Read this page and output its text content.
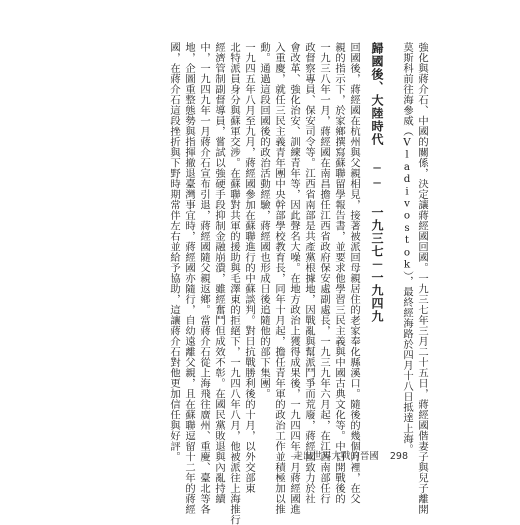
強化與蔣介石、中國的關係，決定讓蔣經國回國。一九三七年三月二十五日，蔣經國偕妻子與兒子離開
莫斯科前往海參威（Vladivostok），最終經海路於四月十八日抵達上海。
歸國後、大陸時代 ── 一九三七－一九四九
回國後，蔣經國在杭州與父親相見，接著被派回母親居住的老家奉化縣溪口。隨後的幾個月裡，在父
親的指示下，於家鄉撰寫蘇聯留學報告書，並要求他學習三民主義與中國古典文化等。中日開戰後的
一九三八年一月，蔣經國在南昌擔任江西省政府保安處副處長，一九三九年六月起，在江西南部任行
政督察專員、保安司令等。江西省南部是共產黨根據地，因戰亂與幫派鬥爭而荒廢，蔣經國致力於社
會改革、強化治安、訓練青年等，因此聲名大噪。在地方政治上獲得成果後，一九四四年一月蔣經國進
入重慶，就任三民主義青年團中央幹部學校教育長，同年十月起，擔任青年軍的政治工作並積極加以推
動。通過這段回國後的政治活動經驗，蔣經國也形成日後追隨他的部下集團。
一九四五年八月至九月，蔣經國參加在蘇聯進行的中蘇談判。對日抗戰勝利後的十月，以外交部東
北特派員身分與蘇軍交涉。在蘇聯對共軍的援助與毛澤東的拒絕下，一九四八年八月，他被派往上海推行
經濟管制副督導員，嘗試以強硬手段抑制金融崩潰，雖經奮鬥但成效不彰。在國民黨敗退與內亂持續
中，一九四九年一月蔣介石宣布引退，蔣經國隨父親返鄉。當蔣介石從上海飛往廣州、重慶、臺北等各
地，企圖重整態勢與指揮撤退臺灣事宜時，蔣經國亦隨行，自幼遠離父親，且在蘇聯逗留十二年的蔣經
國，在蔣介石這段挫折與下野時期常伴左右並給予協助，這讓蔣介石對他更加信任與好評。	走出世界大戰的晉國 298
